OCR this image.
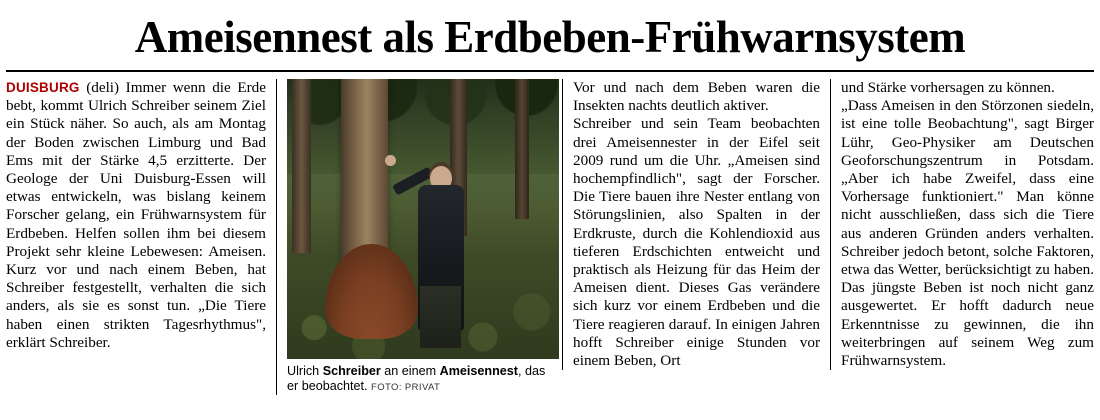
Ameisennest als Erdbeben-Frühwarnsystem

DUISBURG (deli) Immer wenn die Erde bebt, kommt Ulrich Schreiber seinem Ziel ein Stück näher. So auch, als am Montag der Boden zwischen Limburg und Bad Ems mit der Stärke 4,5 erzitterte. Der Geologe der Uni Duisburg-Essen will etwas entwickeln, was bislang keinem Forscher gelang, ein Frühwarnsystem für Erdbeben. Helfen sollen ihm bei diesem Projekt sehr kleine Lebewesen: Ameisen. Kurz vor und nach einem Beben, hat Schreiber festgestellt, verhalten die sich anders, als sie es sonst tun. „Die Tiere haben einen strikten Tagesrhythmus", erklärt Schreiber.

Ulrich Schreiber an einem Ameisennest, das er beobachtet. FOTO: PRIVAT

Vor und nach dem Beben waren die Insekten nachts deutlich aktiver.
Schreiber und sein Team beobachten drei Ameisennester in der Eifel seit 2009 rund um die Uhr. „Ameisen sind hochempfindlich", sagt der Forscher. Die Tiere bauen ihre Nester entlang von Störungslinien, also Spalten in der Erdkruste, durch die Kohlendioxid aus tieferen Erdschichten entweicht und praktisch als Heizung für das Heim der Ameisen dient. Dieses Gas verändere sich kurz vor einem Erdbeben und die Tiere reagieren darauf. In einigen Jahren hofft Schreiber einige Stunden vor einem Beben, Ort

und Stärke vorhersagen zu können.
„Dass Ameisen in den Störzonen siedeln, ist eine tolle Beobachtung", sagt Birger Lühr, Geo-Physiker am Deutschen Geoforschungszentrum in Potsdam. „Aber ich habe Zweifel, dass eine Vorhersage funktioniert." Man könne nicht ausschließen, dass sich die Tiere aus anderen Gründen anders verhalten. Schreiber jedoch betont, solche Faktoren, etwa das Wetter, berücksichtigt zu haben. Das jüngste Beben ist noch nicht ganz ausgewertet. Er hofft dadurch neue Erkenntnisse zu gewinnen, die ihn weiterbringen auf seinem Weg zum Frühwarnsystem.
